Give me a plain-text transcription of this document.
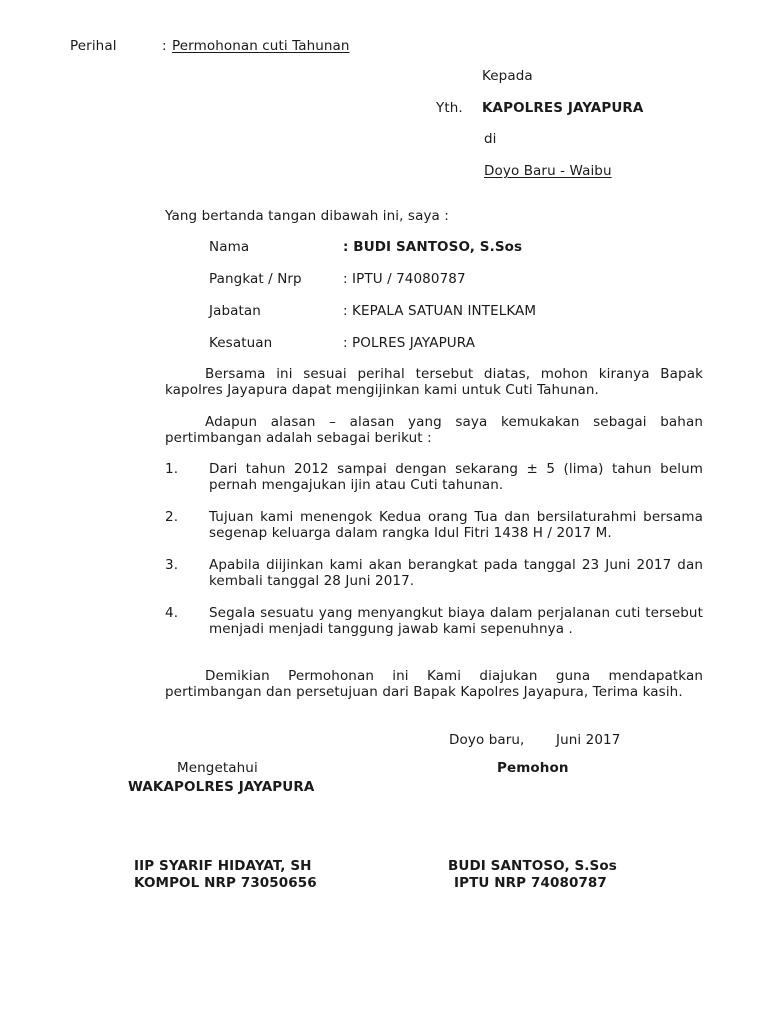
Perihal	: Permohonan cuti Tahunan
Kepada
Yth. KAPOLRES JAYAPURA
di
Doyo Baru - Waibu
Yang bertanda tangan dibawah ini, saya :
Nama	: BUDI SANTOSO, S.Sos
Pangkat / Nrp	: IPTU / 74080787
Jabatan	: KEPALA SATUAN INTELKAM
Kesatuan	: POLRES JAYAPURA
Bersama ini sesuai perihal tersebut diatas, mohon kiranya Bapak kapolres Jayapura dapat mengijinkan kami untuk Cuti Tahunan.
Adapun alasan – alasan yang saya kemukakan sebagai bahan pertimbangan adalah sebagai berikut :
1. Dari tahun 2012 sampai dengan sekarang ± 5 (lima) tahun belum pernah mengajukan ijin atau Cuti tahunan.
2. Tujuan kami menengok Kedua orang Tua dan bersilaturahmi bersama segenap keluarga dalam rangka Idul Fitri 1438 H / 2017 M.
3. Apabila diijinkan kami akan berangkat pada tanggal 23 Juni 2017 dan kembali tanggal 28 Juni 2017.
4. Segala sesuatu yang menyangkut biaya dalam perjalanan cuti tersebut menjadi menjadi tanggung jawab kami sepenuhnya .
Demikian Permohonan ini Kami diajukan guna mendapatkan pertimbangan dan persetujuan dari Bapak Kapolres Jayapura, Terima kasih.
Doyo baru, Juni 2017
Mengetahui	Pemohon
WAKAPOLRES JAYAPURA
IIP SYARIF HIDAYAT, SH
KOMPOL NRP 73050656
BUDI SANTOSO, S.Sos
IPTU NRP 74080787
